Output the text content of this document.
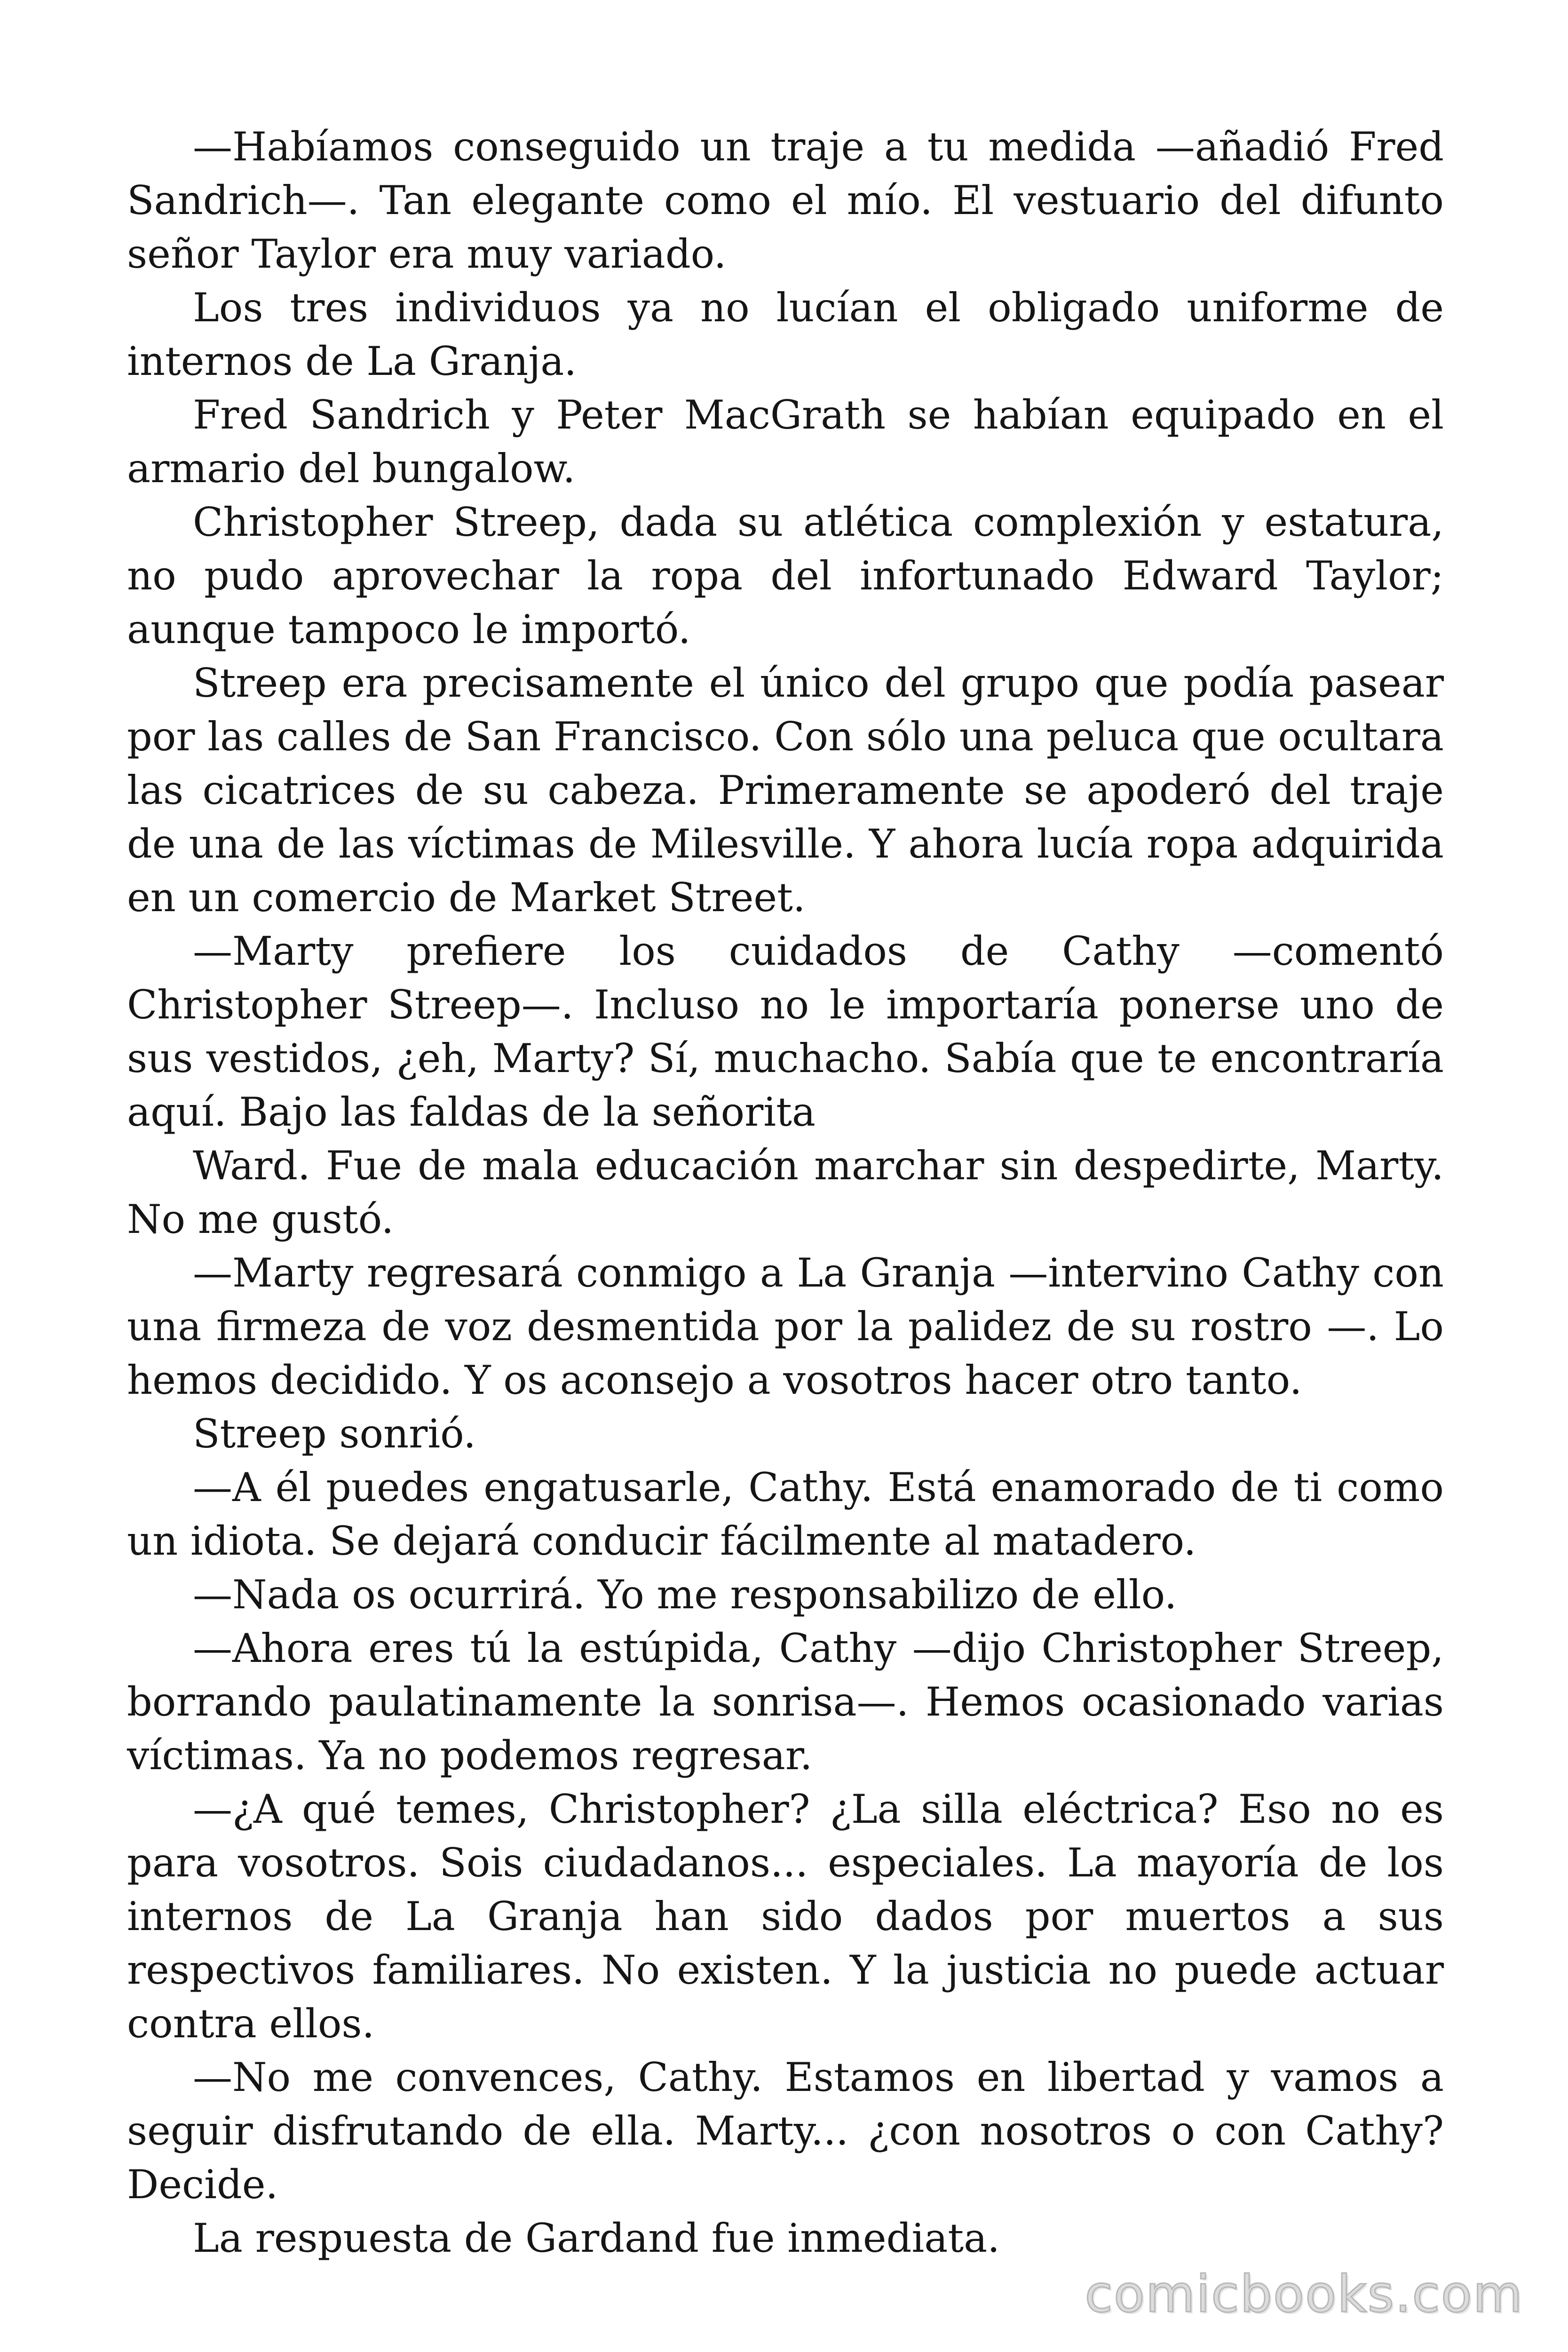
—Habíamos conseguido un traje a tu medida —añadió Fred Sandrich—. Tan elegante como el mío. El vestuario del difunto señor Taylor era muy variado.

Los tres individuos ya no lucían el obligado uniforme de internos de La Granja.

Fred Sandrich y Peter MacGrath se habían equipado en el armario del bungalow.

Christopher Streep, dada su atlética complexión y estatura, no pudo aprovechar la ropa del infortunado Edward Taylor; aunque tampoco le importó.

Streep era precisamente el único del grupo que podía pasear por las calles de San Francisco. Con sólo una peluca que ocultara las cicatrices de su cabeza. Primeramente se apoderó del traje de una de las víctimas de Milesville. Y ahora lucía ropa adquirida en un comercio de Market Street.

—Marty prefiere los cuidados de Cathy —comentó Christopher Streep—. Incluso no le importaría ponerse uno de sus vestidos, ¿eh, Marty? Sí, muchacho. Sabía que te encontraría aquí. Bajo las faldas de la señorita

Ward. Fue de mala educación marchar sin despedirte, Marty. No me gustó.

—Marty regresará conmigo a La Granja —intervino Cathy con una firmeza de voz desmentida por la palidez de su rostro —. Lo hemos decidido. Y os aconsejo a vosotros hacer otro tanto.

Streep sonrió.

—A él puedes engatusarle, Cathy. Está enamorado de ti como un idiota. Se dejará conducir fácilmente al matadero.

—Nada os ocurrirá. Yo me responsabilizo de ello.

—Ahora eres tú la estúpida, Cathy —dijo Christopher Streep, borrando paulatinamente la sonrisa—. Hemos ocasionado varias víctimas. Ya no podemos regresar.

—¿A qué temes, Christopher? ¿La silla eléctrica? Eso no es para vosotros. Sois ciudadanos... especiales. La mayoría de los internos de La Granja han sido dados por muertos a sus respectivos familiares. No existen. Y la justicia no puede actuar contra ellos.

—No me convences, Cathy. Estamos en libertad y vamos a seguir disfrutando de ella. Marty... ¿con nosotros o con Cathy? Decide.

La respuesta de Gardand fue inmediata.

comicbooks.com
